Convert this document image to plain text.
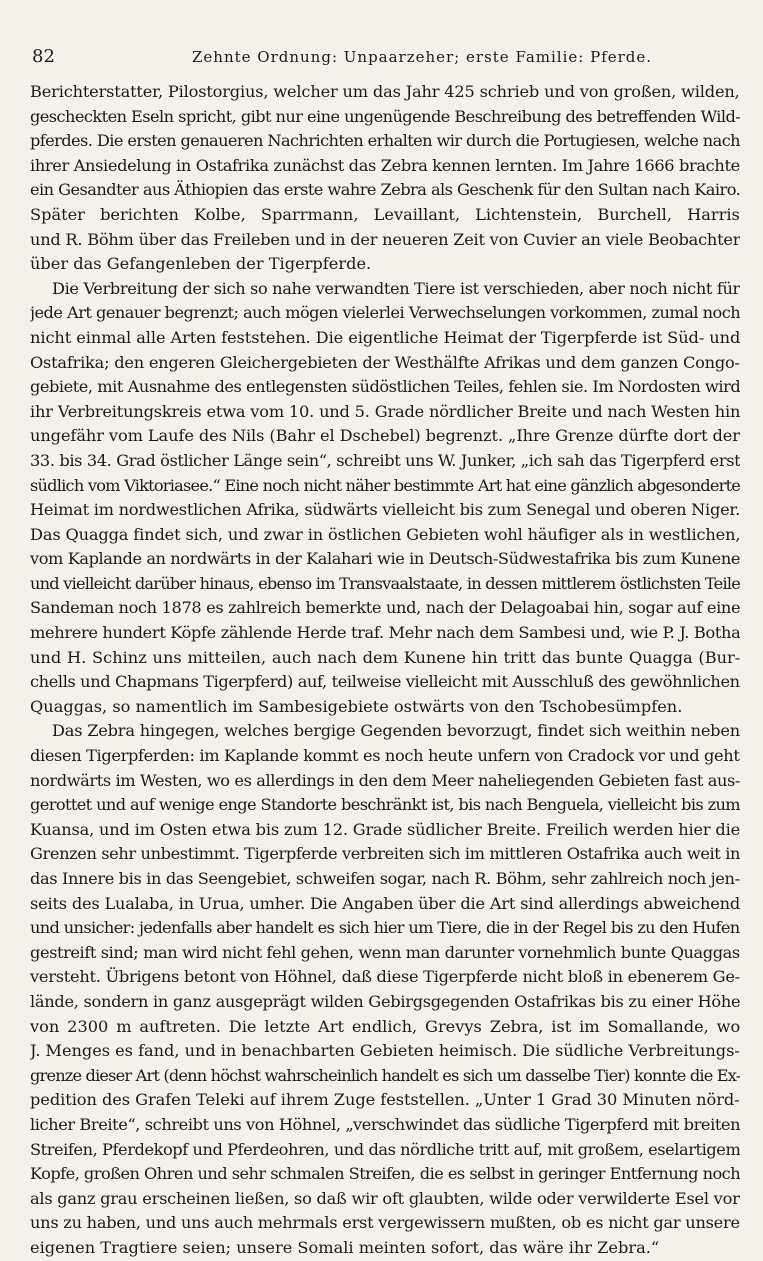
82	Zehnte Ordnung: Unpaarzeher; erste Familie: Pferde.
Berichterstatter, Pilostorgius, welcher um das Jahr 425 schrieb und von großen, wilden,
gescheckten Eseln spricht, gibt nur eine ungenügende Beschreibung des betreffenden Wild-
pferdes. Die ersten genaueren Nachrichten erhalten wir durch die Portugiesen, welche nach
ihrer Ansiedelung in Ostafrika zunächst das Zebra kennen lernten. Im Jahre 1666 brachte
ein Gesandter aus Äthiopien das erste wahre Zebra als Geschenk für den Sultan nach Kairo.
Später berichten Kolbe, Sparrmann, Levaillant, Lichtenstein, Burchell, Harris
und R. Böhm über das Freileben und in der neueren Zeit von Cuvier an viele Beobachter
über das Gefangenleben der Tigerpferde.
Die Verbreitung der sich so nahe verwandten Tiere ist verschieden, aber noch nicht für
jede Art genauer begrenzt; auch mögen vielerlei Verwechselungen vorkommen, zumal noch
nicht einmal alle Arten feststehen. Die eigentliche Heimat der Tigerpferde ist Süd- und
Ostafrika; den engeren Gleichergebieten der Westhälfte Afrikas und dem ganzen Congo-
gebiete, mit Ausnahme des entlegensten südöstlichen Teiles, fehlen sie. Im Nordosten wird
ihr Verbreitungskreis etwa vom 10. und 5. Grade nördlicher Breite und nach Westen hin
ungefähr vom Laufe des Nils (Bahr el Dschebel) begrenzt. „Ihre Grenze dürfte dort der
33. bis 34. Grad östlicher Länge sein“, schreibt uns W. Junker, „ich sah das Tigerpferd erst
südlich vom Viktoriasee.“ Eine noch nicht näher bestimmte Art hat eine gänzlich abgesonderte
Heimat im nordwestlichen Afrika, südwärts vielleicht bis zum Senegal und oberen Niger.
Das Quagga findet sich, und zwar in östlichen Gebieten wohl häufiger als in westlichen,
vom Kaplande an nordwärts in der Kalahari wie in Deutsch-Südwestafrika bis zum Kunene
und vielleicht darüber hinaus, ebenso im Transvaalstaate, in dessen mittlerem östlichsten Teile
Sandeman noch 1878 es zahlreich bemerkte und, nach der Delagoabai hin, sogar auf eine
mehrere hundert Köpfe zählende Herde traf. Mehr nach dem Sambesi und, wie P. J. Botha
und H. Schinz uns mitteilen, auch nach dem Kunene hin tritt das bunte Quagga (Bur-
chells und Chapmans Tigerpferd) auf, teilweise vielleicht mit Ausschluß des gewöhnlichen
Quaggas, so namentlich im Sambesigebiete ostwärts von den Tschobesümpfen.
Das Zebra hingegen, welches bergige Gegenden bevorzugt, findet sich weithin neben
diesen Tigerpferden: im Kaplande kommt es noch heute unfern von Cradock vor und geht
nordwärts im Westen, wo es allerdings in den dem Meer naheliegenden Gebieten fast aus-
gerottet und auf wenige enge Standorte beschränkt ist, bis nach Benguela, vielleicht bis zum
Kuansa, und im Osten etwa bis zum 12. Grade südlicher Breite. Freilich werden hier die
Grenzen sehr unbestimmt. Tigerpferde verbreiten sich im mittleren Ostafrika auch weit in
das Innere bis in das Seengebiet, schweifen sogar, nach R. Böhm, sehr zahlreich noch jen-
seits des Lualaba, in Urua, umher. Die Angaben über die Art sind allerdings abweichend
und unsicher: jedenfalls aber handelt es sich hier um Tiere, die in der Regel bis zu den Hufen
gestreift sind; man wird nicht fehl gehen, wenn man darunter vornehmlich bunte Quaggas
versteht. Übrigens betont von Höhnel, daß diese Tigerpferde nicht bloß in ebenerem Ge-
lände, sondern in ganz ausgeprägt wilden Gebirgsgegenden Ostafrikas bis zu einer Höhe
von 2300 m auftreten. Die letzte Art endlich, Grevys Zebra, ist im Somallande, wo
J. Menges es fand, und in benachbarten Gebieten heimisch. Die südliche Verbreitungs-
grenze dieser Art (denn höchst wahrscheinlich handelt es sich um dasselbe Tier) konnte die Ex-
pedition des Grafen Teleki auf ihrem Zuge feststellen. „Unter 1 Grad 30 Minuten nörd-
licher Breite“, schreibt uns von Höhnel, „verschwindet das südliche Tigerpferd mit breiten
Streifen, Pferdekopf und Pferdeohren, und das nördliche tritt auf, mit großem, eselartigem
Kopfe, großen Ohren und sehr schmalen Streifen, die es selbst in geringer Entfernung noch
als ganz grau erscheinen ließen, so daß wir oft glaubten, wilde oder verwilderte Esel vor
uns zu haben, und uns auch mehrmals erst vergewissern mußten, ob es nicht gar unsere
eigenen Tragtiere seien; unsere Somali meinten sofort, das wäre ihr Zebra.“
